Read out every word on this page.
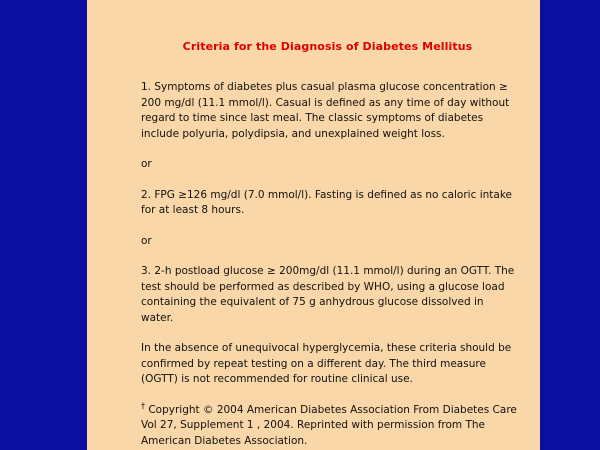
Criteria for the Diagnosis of Diabetes Mellitus
1. Symptoms of diabetes plus casual plasma glucose concentration ≥ 200 mg/dl (11.1 mmol/l). Casual is defined as any time of day without regard to time since last meal. The classic symptoms of diabetes include polyuria, polydipsia, and unexplained weight loss.
or
2. FPG ≥126 mg/dl (7.0 mmol/l). Fasting is defined as no caloric intake for at least 8 hours.
or
3. 2-h postload glucose ≥ 200mg/dl (11.1 mmol/l) during an OGTT. The test should be performed as described by WHO, using a glucose load containing the equivalent of 75 g anhydrous glucose dissolved in water.
In the absence of unequivocal hyperglycemia, these criteria should be confirmed by repeat testing on a different day. The third measure (OGTT) is not recommended for routine clinical use.
† Copyright © 2004 American Diabetes Association From Diabetes Care Vol 27, Supplement 1 , 2004. Reprinted with permission from The American Diabetes Association.
